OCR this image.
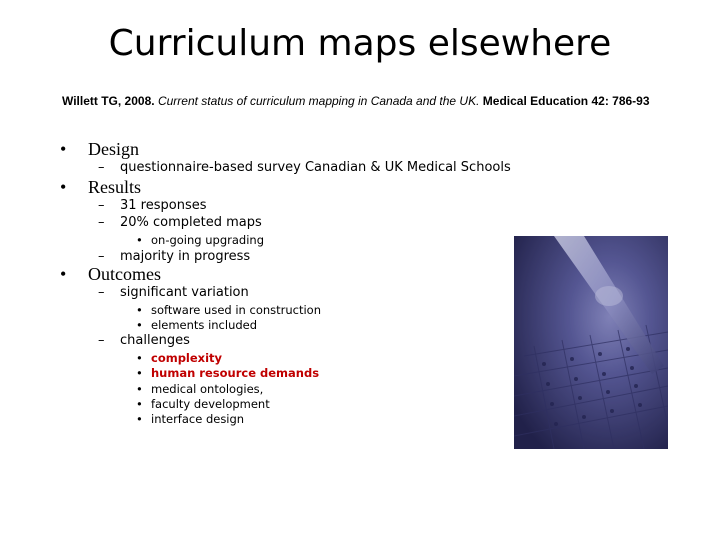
Curriculum maps elsewhere
Willett TG, 2008. Current status of curriculum mapping in Canada and the UK. Medical Education 42: 786-93
• Design
– questionnaire-based survey Canadian & UK Medical Schools
• Results
– 31 responses
– 20% completed maps
• on-going upgrading
– majority in progress
• Outcomes
– significant variation
• software used in construction
• elements included
– challenges
• complexity
• human resource demands
• medical ontologies,
• faculty development
• interface design
